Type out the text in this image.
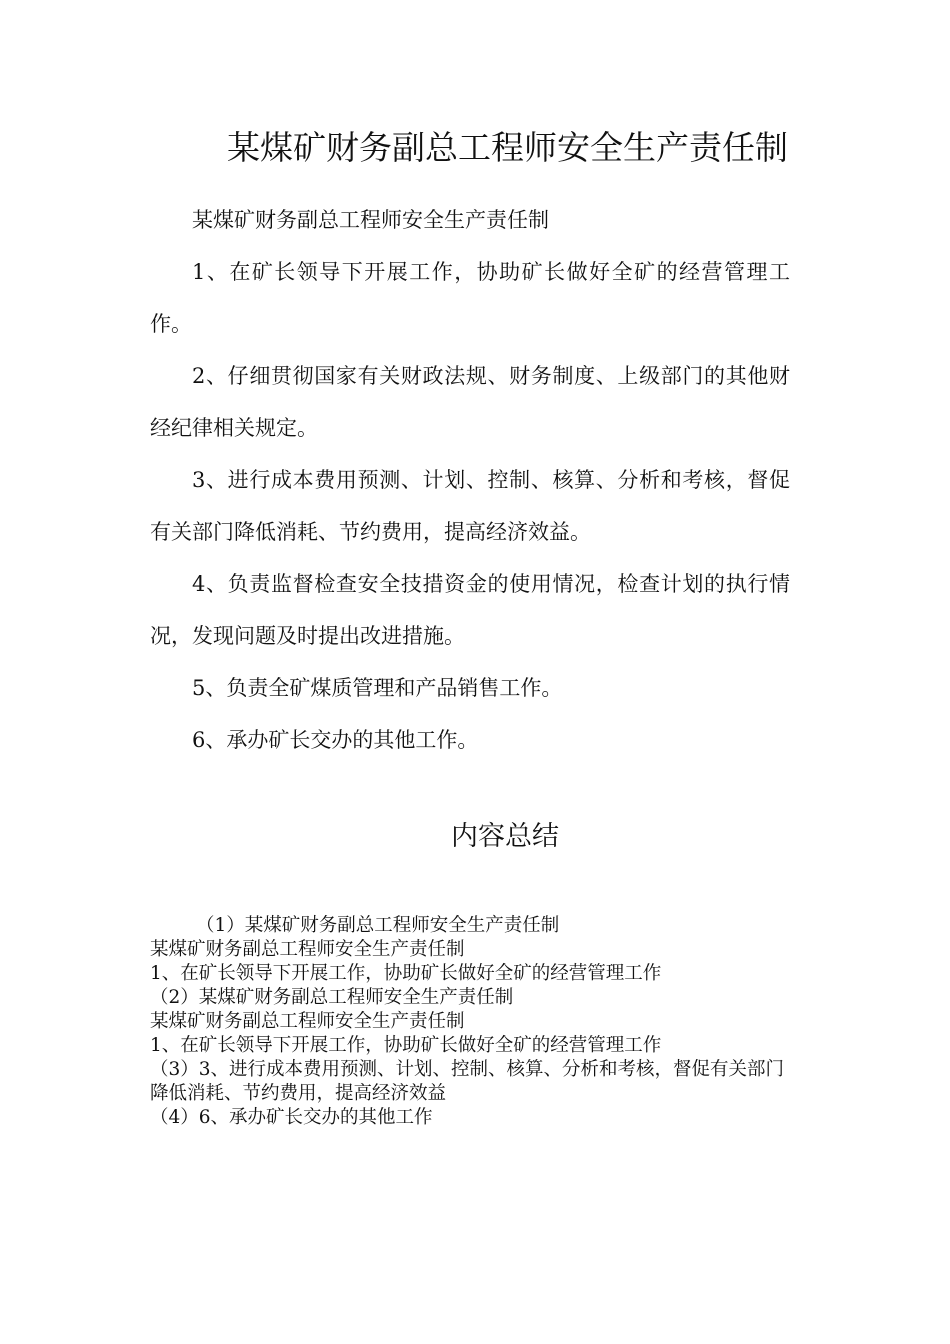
某煤矿财务副总工程师安全生产责任制

某煤矿财务副总工程师安全生产责任制

1、在矿长领导下开展工作，协助矿长做好全矿的经营管理工作。

2、仔细贯彻国家有关财政法规、财务制度、上级部门的其他财经纪律相关规定。

3、进行成本费用预测、计划、控制、核算、分析和考核，督促有关部门降低消耗、节约费用，提高经济效益。

4、负责监督检查安全技措资金的使用情况，检查计划的执行情况，发现问题及时提出改进措施。

5、负责全矿煤质管理和产品销售工作。

6、承办矿长交办的其他工作。

内容总结
（1）某煤矿财务副总工程师安全生产责任制
某煤矿财务副总工程师安全生产责任制
1、在矿长领导下开展工作，协助矿长做好全矿的经营管理工作
（2）某煤矿财务副总工程师安全生产责任制
某煤矿财务副总工程师安全生产责任制
1、在矿长领导下开展工作，协助矿长做好全矿的经营管理工作
（3）3、进行成本费用预测、计划、控制、核算、分析和考核，督促有关部门降低消耗、节约费用，提高经济效益
（4）6、承办矿长交办的其他工作
